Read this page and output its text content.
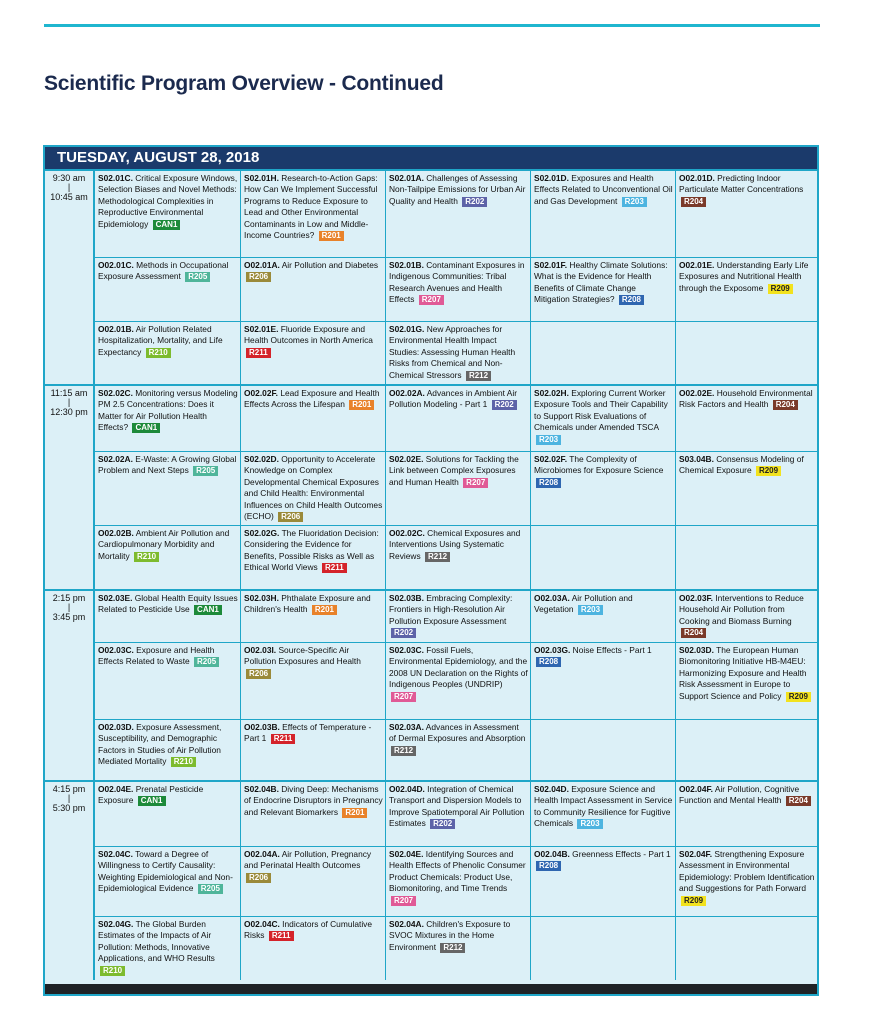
Scientific Program Overview - Continued
TUESDAY, AUGUST 28, 2018
9:30 am
|
10:45 am
S02.01C. Critical Exposure Windows, Selection Biases and Novel Methods: Methodological Complexities in Reproductive Environmental Epidemiology CAN1
S02.01H. Research-to-Action Gaps: How Can We Implement Successful Programs to Reduce Exposure to Lead and Other Environmental Contaminants in Low and Middle-Income Countries? R201
S02.01A. Challenges of Assessing Non-Tailpipe Emissions for Urban Air Quality and Health R202
S02.01D. Exposures and Health Effects Related to Unconventional Oil and Gas Development R203
O02.01D. Predicting Indoor Particulate Matter Concentrations R204
O02.01C. Methods in Occupational Exposure Assessment R205
O02.01A. Air Pollution and Diabetes R206
S02.01B. Contaminant Exposures in Indigenous Communities: Tribal Research Avenues and Health Effects R207
S02.01F. Healthy Climate Solutions: What is the Evidence for Health Benefits of Climate Change Mitigation Strategies? R208
O02.01E. Understanding Early Life Exposures and Nutritional Health through the Exposome R209
O02.01B. Air Pollution Related Hospitalization, Mortality, and Life Expectancy R210
S02.01E. Fluoride Exposure and Health Outcomes in North America R211
S02.01G. New Approaches for Environmental Health Impact Studies: Assessing Human Health Risks from Chemical and Non-Chemical Stressors R212
11:15 am
|
12:30 pm
S02.02C. Monitoring versus Modeling PM 2.5 Concentrations: Does it Matter for Air Pollution Health Effects? CAN1
O02.02F. Lead Exposure and Health Effects Across the Lifespan R201
O02.02A. Advances in Ambient Air Pollution Modeling - Part 1 R202
S02.02H. Exploring Current Worker Exposure Tools and Their Capability to Support Risk Evaluations of Chemicals under Amended TSCA R203
O02.02E. Household Environmental Risk Factors and Health R204
S02.02A. E-Waste: A Growing Global Problem and Next Steps R205
S02.02D. Opportunity to Accelerate Knowledge on Complex Developmental Chemical Exposures and Child Health: Environmental Influences on Child Health Outcomes (ECHO) R206
S02.02E. Solutions for Tackling the Link between Complex Exposures and Human Health R207
S02.02F. The Complexity of Microbiomes for Exposure Science R208
S03.04B. Consensus Modeling of Chemical Exposure R209
O02.02B. Ambient Air Pollution and Cardiopulmonary Morbidity and Mortality R210
S02.02G. The Fluoridation Decision: Considering the Evidence for Benefits, Possible Risks as Well as Ethical World Views R211
O02.02C. Chemical Exposures and Interventions Using Systematic Reviews R212
2:15 pm
|
3:45 pm
S02.03E. Global Health Equity Issues Related to Pesticide Use CAN1
S02.03H. Phthalate Exposure and Children's Health R201
S02.03B. Embracing Complexity: Frontiers in High-Resolution Air Pollution Exposure Assessment R202
O02.03A. Air Pollution and Vegetation R203
O02.03F. Interventions to Reduce Household Air Pollution from Cooking and Biomass Burning R204
O02.03C. Exposure and Health Effects Related to Waste R205
O02.03I. Source-Specific Air Pollution Exposures and Health R206
S02.03C. Fossil Fuels, Environmental Epidemiology, and the 2008 UN Declaration on the Rights of Indigenous Peoples (UNDRIP) R207
O02.03G. Noise Effects - Part 1 R208
S02.03D. The European Human Biomonitoring Initiative HB-M4EU: Harmonizing Exposure and Health Risk Assessment in Europe to Support Science and Policy R209
O02.03D. Exposure Assessment, Susceptibility, and Demographic Factors in Studies of Air Pollution Mediated Mortality R210
O02.03B. Effects of Temperature - Part 1 R211
S02.03A. Advances in Assessment of Dermal Exposures and Absorption R212
4:15 pm
|
5:30 pm
O02.04E. Prenatal Pesticide Exposure CAN1
S02.04B. Diving Deep: Mechanisms of Endocrine Disruptors in Pregnancy and Relevant Biomarkers R201
O02.04D. Integration of Chemical Transport and Dispersion Models to Improve Spatiotemporal Air Pollution Estimates R202
S02.04D. Exposure Science and Health Impact Assessment in Service to Community Resilience for Fugitive Chemicals R203
O02.04F. Air Pollution, Cognitive Function and Mental Health R204
S02.04C. Toward a Degree of Willingness to Certify Causality: Weighting Epidemiological and Non-Epidemiological Evidence R205
O02.04A. Air Pollution, Pregnancy and Perinatal Health Outcomes R206
S02.04E. Identifying Sources and Health Effects of Phenolic Consumer Product Chemicals: Product Use, Biomonitoring, and Time Trends R207
O02.04B. Greenness Effects - Part 1 R208
S02.04F. Strengthening Exposure Assessment in Environmental Epidemiology: Problem Identification and Suggestions for Path Forward R209
S02.04G. The Global Burden Estimates of the Impacts of Air Pollution: Methods, Innovative Applications, and WHO Results R210
O02.04C. Indicators of Cumulative Risks R211
S02.04A. Children's Exposure to SVOC Mixtures in the Home Environment R212
